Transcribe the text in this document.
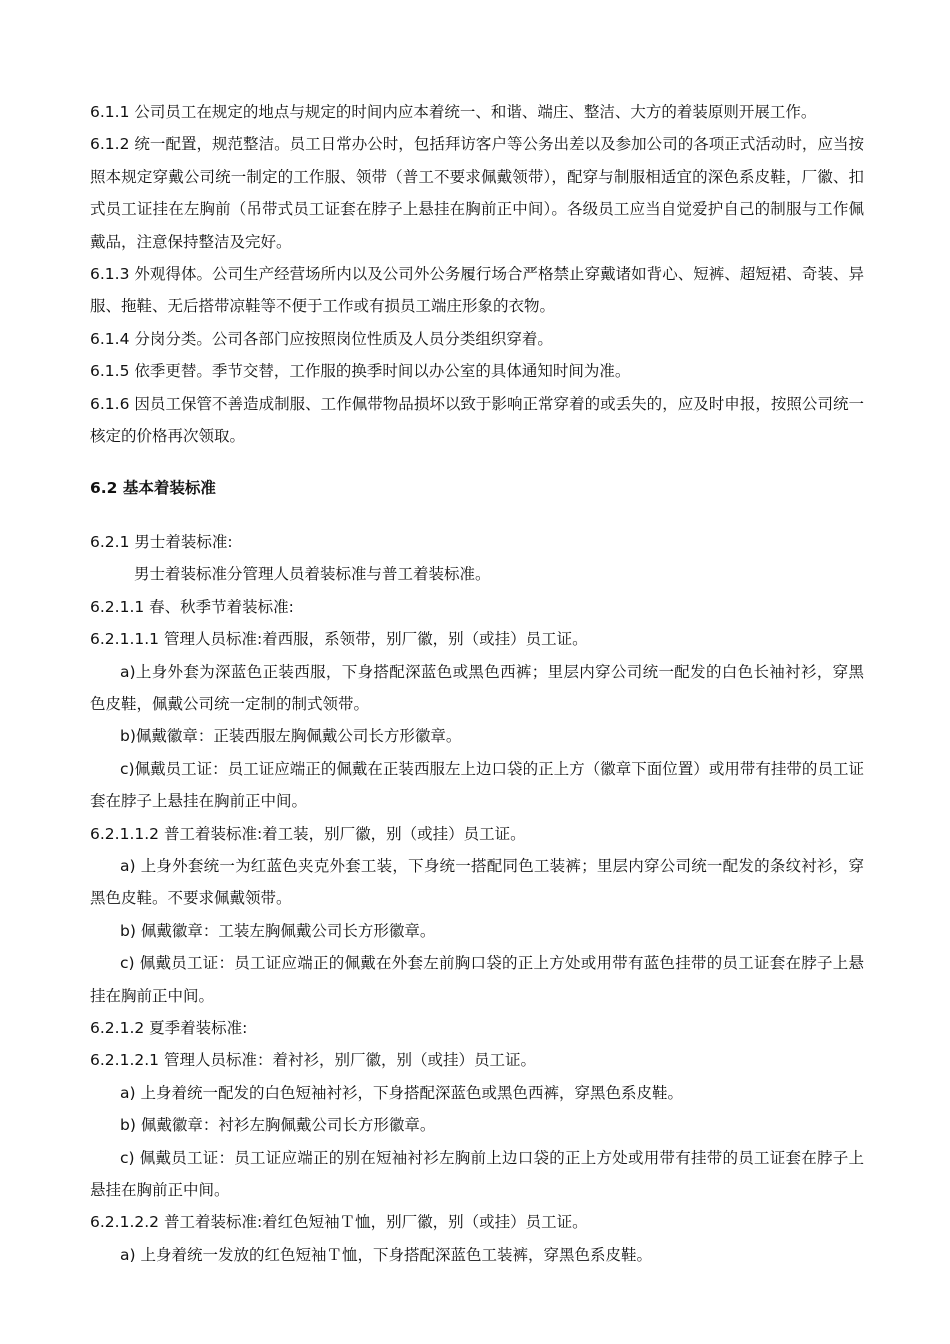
6.1.1 公司员工在规定的地点与规定的时间内应本着统一、和谐、端庄、整洁、大方的着装原则开展工作。

6.1.2 统一配置，规范整洁。员工日常办公时，包括拜访客户等公务出差以及参加公司的各项正式活动时，应当按照本规定穿戴公司统一制定的工作服、领带（普工不要求佩戴领带），配穿与制服相适宜的深色系皮鞋，厂徽、扣式员工证挂在左胸前（吊带式员工证套在脖子上悬挂在胸前正中间）。各级员工应当自觉爱护自己的制服与工作佩戴品，注意保持整洁及完好。

6.1.3 外观得体。公司生产经营场所内以及公司外公务履行场合严格禁止穿戴诸如背心、短裤、超短裙、奇装、异服、拖鞋、无后搭带凉鞋等不便于工作或有损员工端庄形象的衣物。

6.1.4 分岗分类。公司各部门应按照岗位性质及人员分类组织穿着。

6.1.5 依季更替。季节交替，工作服的换季时间以办公室的具体通知时间为准。

6.1.6 因员工保管不善造成制服、工作佩带物品损坏以致于影响正常穿着的或丢失的，应及时申报，按照公司统一核定的价格再次领取。

6.2 基本着装标准

6.2.1 男士着装标准:

男士着装标准分管理人员着装标准与普工着装标准。

6.2.1.1 春、秋季节着装标准:

6.2.1.1.1 管理人员标准:着西服，系领带，别厂徽，别（或挂）员工证。

a)上身外套为深蓝色正装西服，下身搭配深蓝色或黑色西裤；里层内穿公司统一配发的白色长袖衬衫，穿黑色皮鞋，佩戴公司统一定制的制式领带。

b)佩戴徽章：正装西服左胸佩戴公司长方形徽章。

c)佩戴员工证：员工证应端正的佩戴在正装西服左上边口袋的正上方（徽章下面位置）或用带有挂带的员工证套在脖子上悬挂在胸前正中间。

6.2.1.1.2 普工着装标准:着工装，别厂徽，别（或挂）员工证。

a) 上身外套统一为红蓝色夹克外套工装，下身统一搭配同色工装裤；里层内穿公司统一配发的条纹衬衫，穿黑色皮鞋。不要求佩戴领带。

b) 佩戴徽章：工装左胸佩戴公司长方形徽章。

c) 佩戴员工证：员工证应端正的佩戴在外套左前胸口袋的正上方处或用带有蓝色挂带的员工证套在脖子上悬挂在胸前正中间。

6.2.1.2 夏季着装标准:

6.2.1.2.1 管理人员标准：着衬衫，别厂徽，别（或挂）员工证。

a) 上身着统一配发的白色短袖衬衫，下身搭配深蓝色或黑色西裤，穿黑色系皮鞋。

b) 佩戴徽章：衬衫左胸佩戴公司长方形徽章。

c) 佩戴员工证：员工证应端正的别在短袖衬衫左胸前上边口袋的正上方处或用带有挂带的员工证套在脖子上悬挂在胸前正中间。

6.2.1.2.2 普工着装标准:着红色短袖Ｔ恤，别厂徽，别（或挂）员工证。

a) 上身着统一发放的红色短袖Ｔ恤，下身搭配深蓝色工装裤，穿黑色系皮鞋。
